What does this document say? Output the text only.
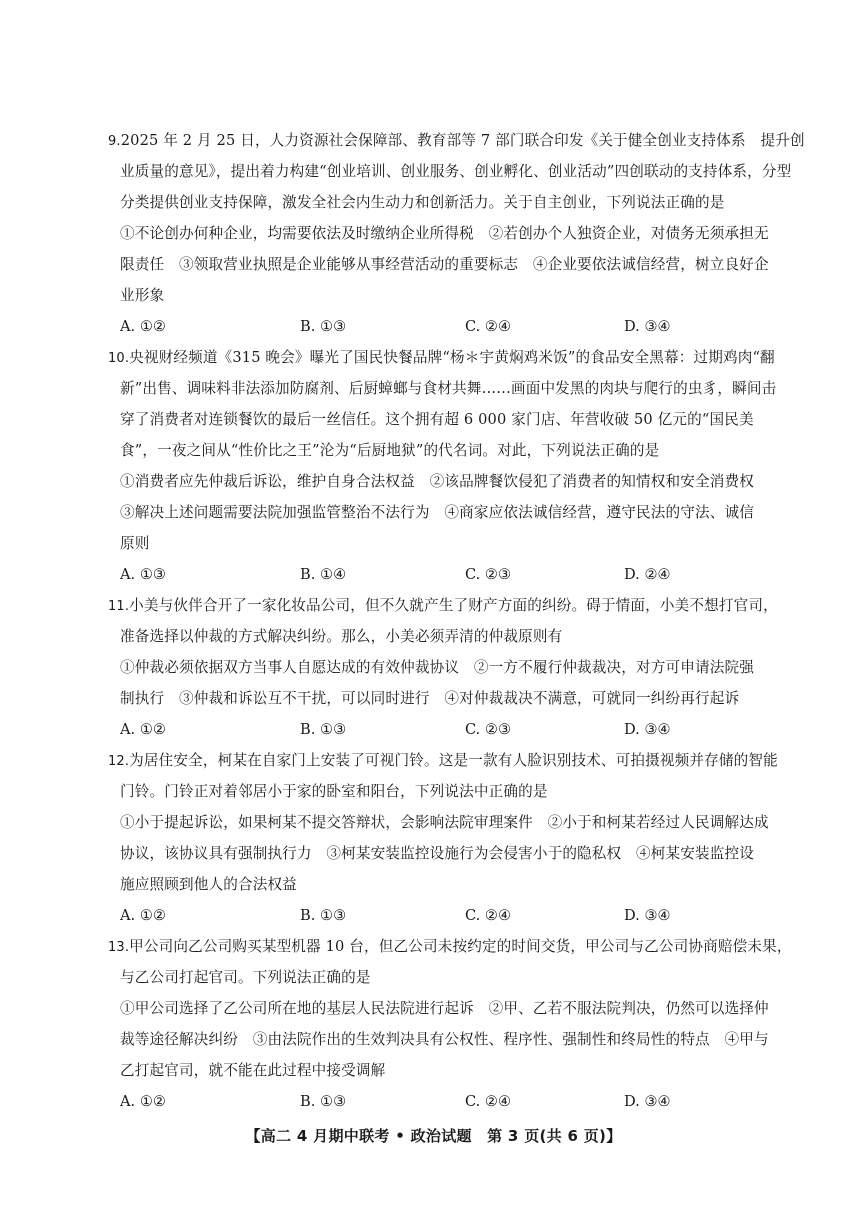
9.2025 年 2 月 25 日，人力资源社会保障部、教育部等 7 部门联合印发《关于健全创业支持体系　提升创
业质量的意见》，提出着力构建“创业培训、创业服务、创业孵化、创业活动”四创联动的支持体系，分型
分类提供创业支持保障，激发全社会内生动力和创新活力。关于自主创业，下列说法正确的是
①不论创办何种企业，均需要依法及时缴纳企业所得税　②若创办个人独资企业，对债务无须承担无
限责任　③领取营业执照是企业能够从事经营活动的重要标志　④企业要依法诚信经营，树立良好企
业形象
A. ①②	B. ①③	C. ②④	D. ③④
10.央视财经频道《315 晚会》曝光了国民快餐品牌“杨＊宇黄焖鸡米饭”的食品安全黑幕：过期鸡肉“翻
新”出售、调味料非法添加防腐剂、后厨蟑螂与食材共舞……画面中发黑的肉块与爬行的虫豸，瞬间击
穿了消费者对连锁餐饮的最后一丝信任。这个拥有超 6 000 家门店、年营收破 50 亿元的“国民美
食”，一夜之间从“性价比之王”沦为“后厨地狱”的代名词。对此，下列说法正确的是
①消费者应先仲裁后诉讼，维护自身合法权益　②该品牌餐饮侵犯了消费者的知情权和安全消费权
③解决上述问题需要法院加强监管整治不法行为　④商家应依法诚信经营，遵守民法的守法、诚信
原则
A. ①③	B. ①④	C. ②③	D. ②④
11.小美与伙伴合开了一家化妆品公司，但不久就产生了财产方面的纠纷。碍于情面，小美不想打官司，
准备选择以仲裁的方式解决纠纷。那么，小美必须弄清的仲裁原则有
①仲裁必须依据双方当事人自愿达成的有效仲裁协议　②一方不履行仲裁裁决，对方可申请法院强
制执行　③仲裁和诉讼互不干扰，可以同时进行　④对仲裁裁决不满意，可就同一纠纷再行起诉
A. ①②	B. ①③	C. ②③	D. ③④
12.为居住安全，柯某在自家门上安装了可视门铃。这是一款有人脸识别技术、可拍摄视频并存储的智能
门铃。门铃正对着邻居小于家的卧室和阳台，下列说法中正确的是
①小于提起诉讼，如果柯某不提交答辩状，会影响法院审理案件　②小于和柯某若经过人民调解达成
协议，该协议具有强制执行力　③柯某安装监控设施行为会侵害小于的隐私权　④柯某安装监控设
施应照顾到他人的合法权益
A. ①②	B. ①③	C. ②④	D. ③④
13.甲公司向乙公司购买某型机器 10 台，但乙公司未按约定的时间交货，甲公司与乙公司协商赔偿未果，
与乙公司打起官司。下列说法正确的是
①甲公司选择了乙公司所在地的基层人民法院进行起诉　②甲、乙若不服法院判决，仍然可以选择仲
裁等途径解决纠纷　③由法院作出的生效判决具有公权性、程序性、强制性和终局性的特点　④甲与
乙打起官司，就不能在此过程中接受调解
A. ①②	B. ①③	C. ②④	D. ③④
【高二 4 月期中联考 • 政治试题　第 3 页(共 6 页)】
